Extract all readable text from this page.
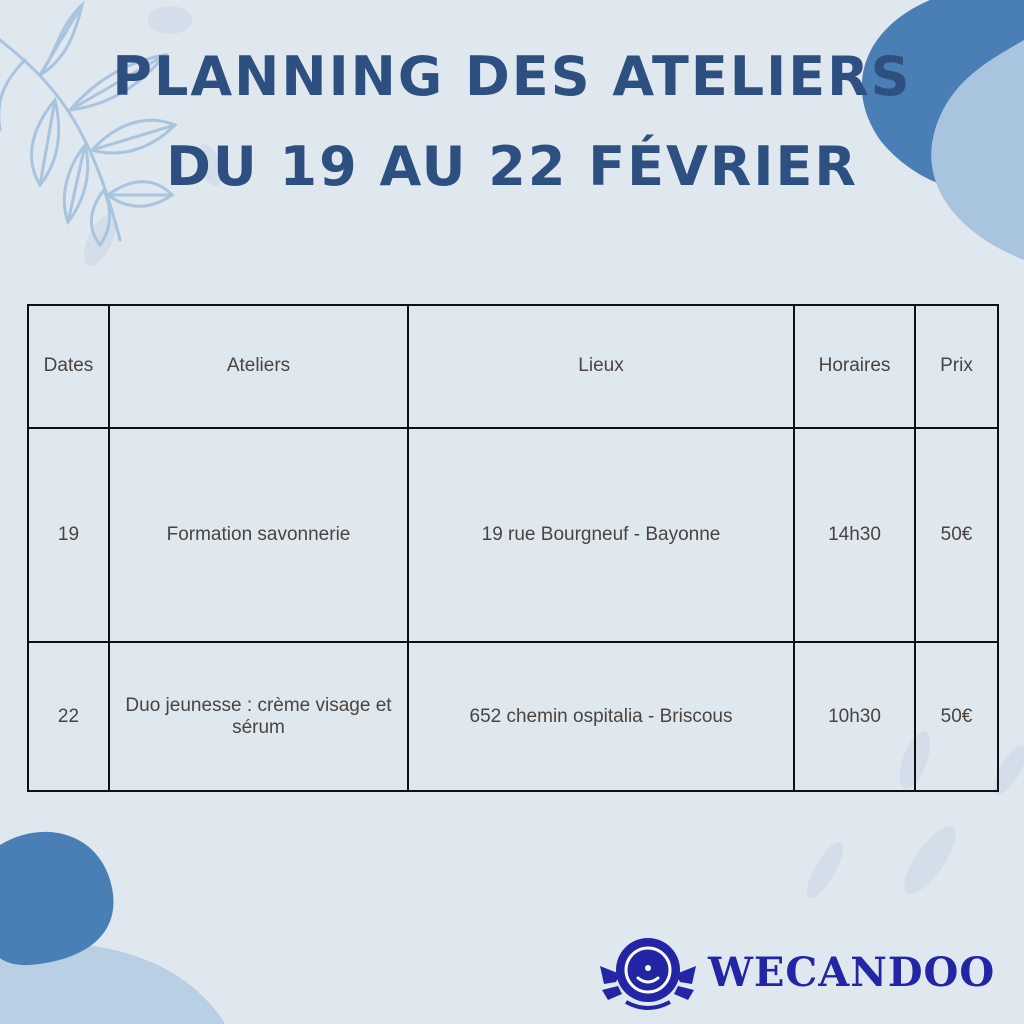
PLANNING DES ATELIERS
DU 19 AU 22 FÉVRIER
Dates	Ateliers	Lieux	Horaires	Prix
19	Formation savonnerie	19 rue Bourgneuf - Bayonne	14h30	50€
22	Duo jeunesse : crème visage et sérum	652 chemin ospitalia - Briscous	10h30	50€
WECANDOO
